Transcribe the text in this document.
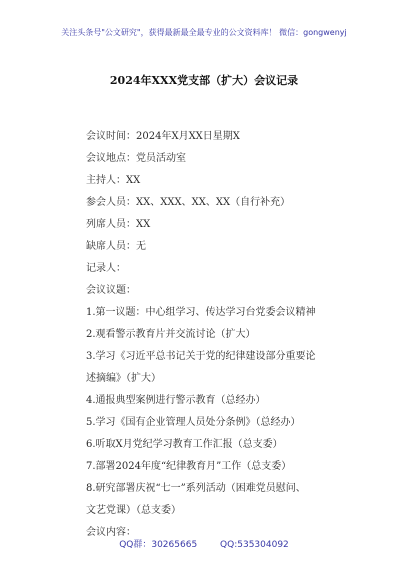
关注头条号"公文研究"，获得最新最全最专业的公文资料库！ 微信：gongwenyj
2024年XXX党支部（扩大）会议记录
会议时间：2024年X月XX日星期X
会议地点：党员活动室
主持人：XX
参会人员：XX、XXX、XX、XX（自行补充）
列席人员：XX
缺席人员：无
记录人：
会议议题：
1.第一议题：中心组学习、传达学习台党委会议精神
2.观看警示教育片并交流讨论（扩大）
3.学习《习近平总书记关于党的纪律建设部分重要论
述摘编》（扩大）
4.通报典型案例进行警示教育（总经办）
5.学习《国有企业管理人员处分条例》（总经办）
6.听取X月党纪学习教育工作汇报（总支委）
7.部署2024年度“纪律教育月”工作（总支委）
8.研究部署庆祝“七一”系列活动（困难党员慰问、
文艺党课）（总支委）
会议内容：
QQ群：30265665	QQ:535304092
